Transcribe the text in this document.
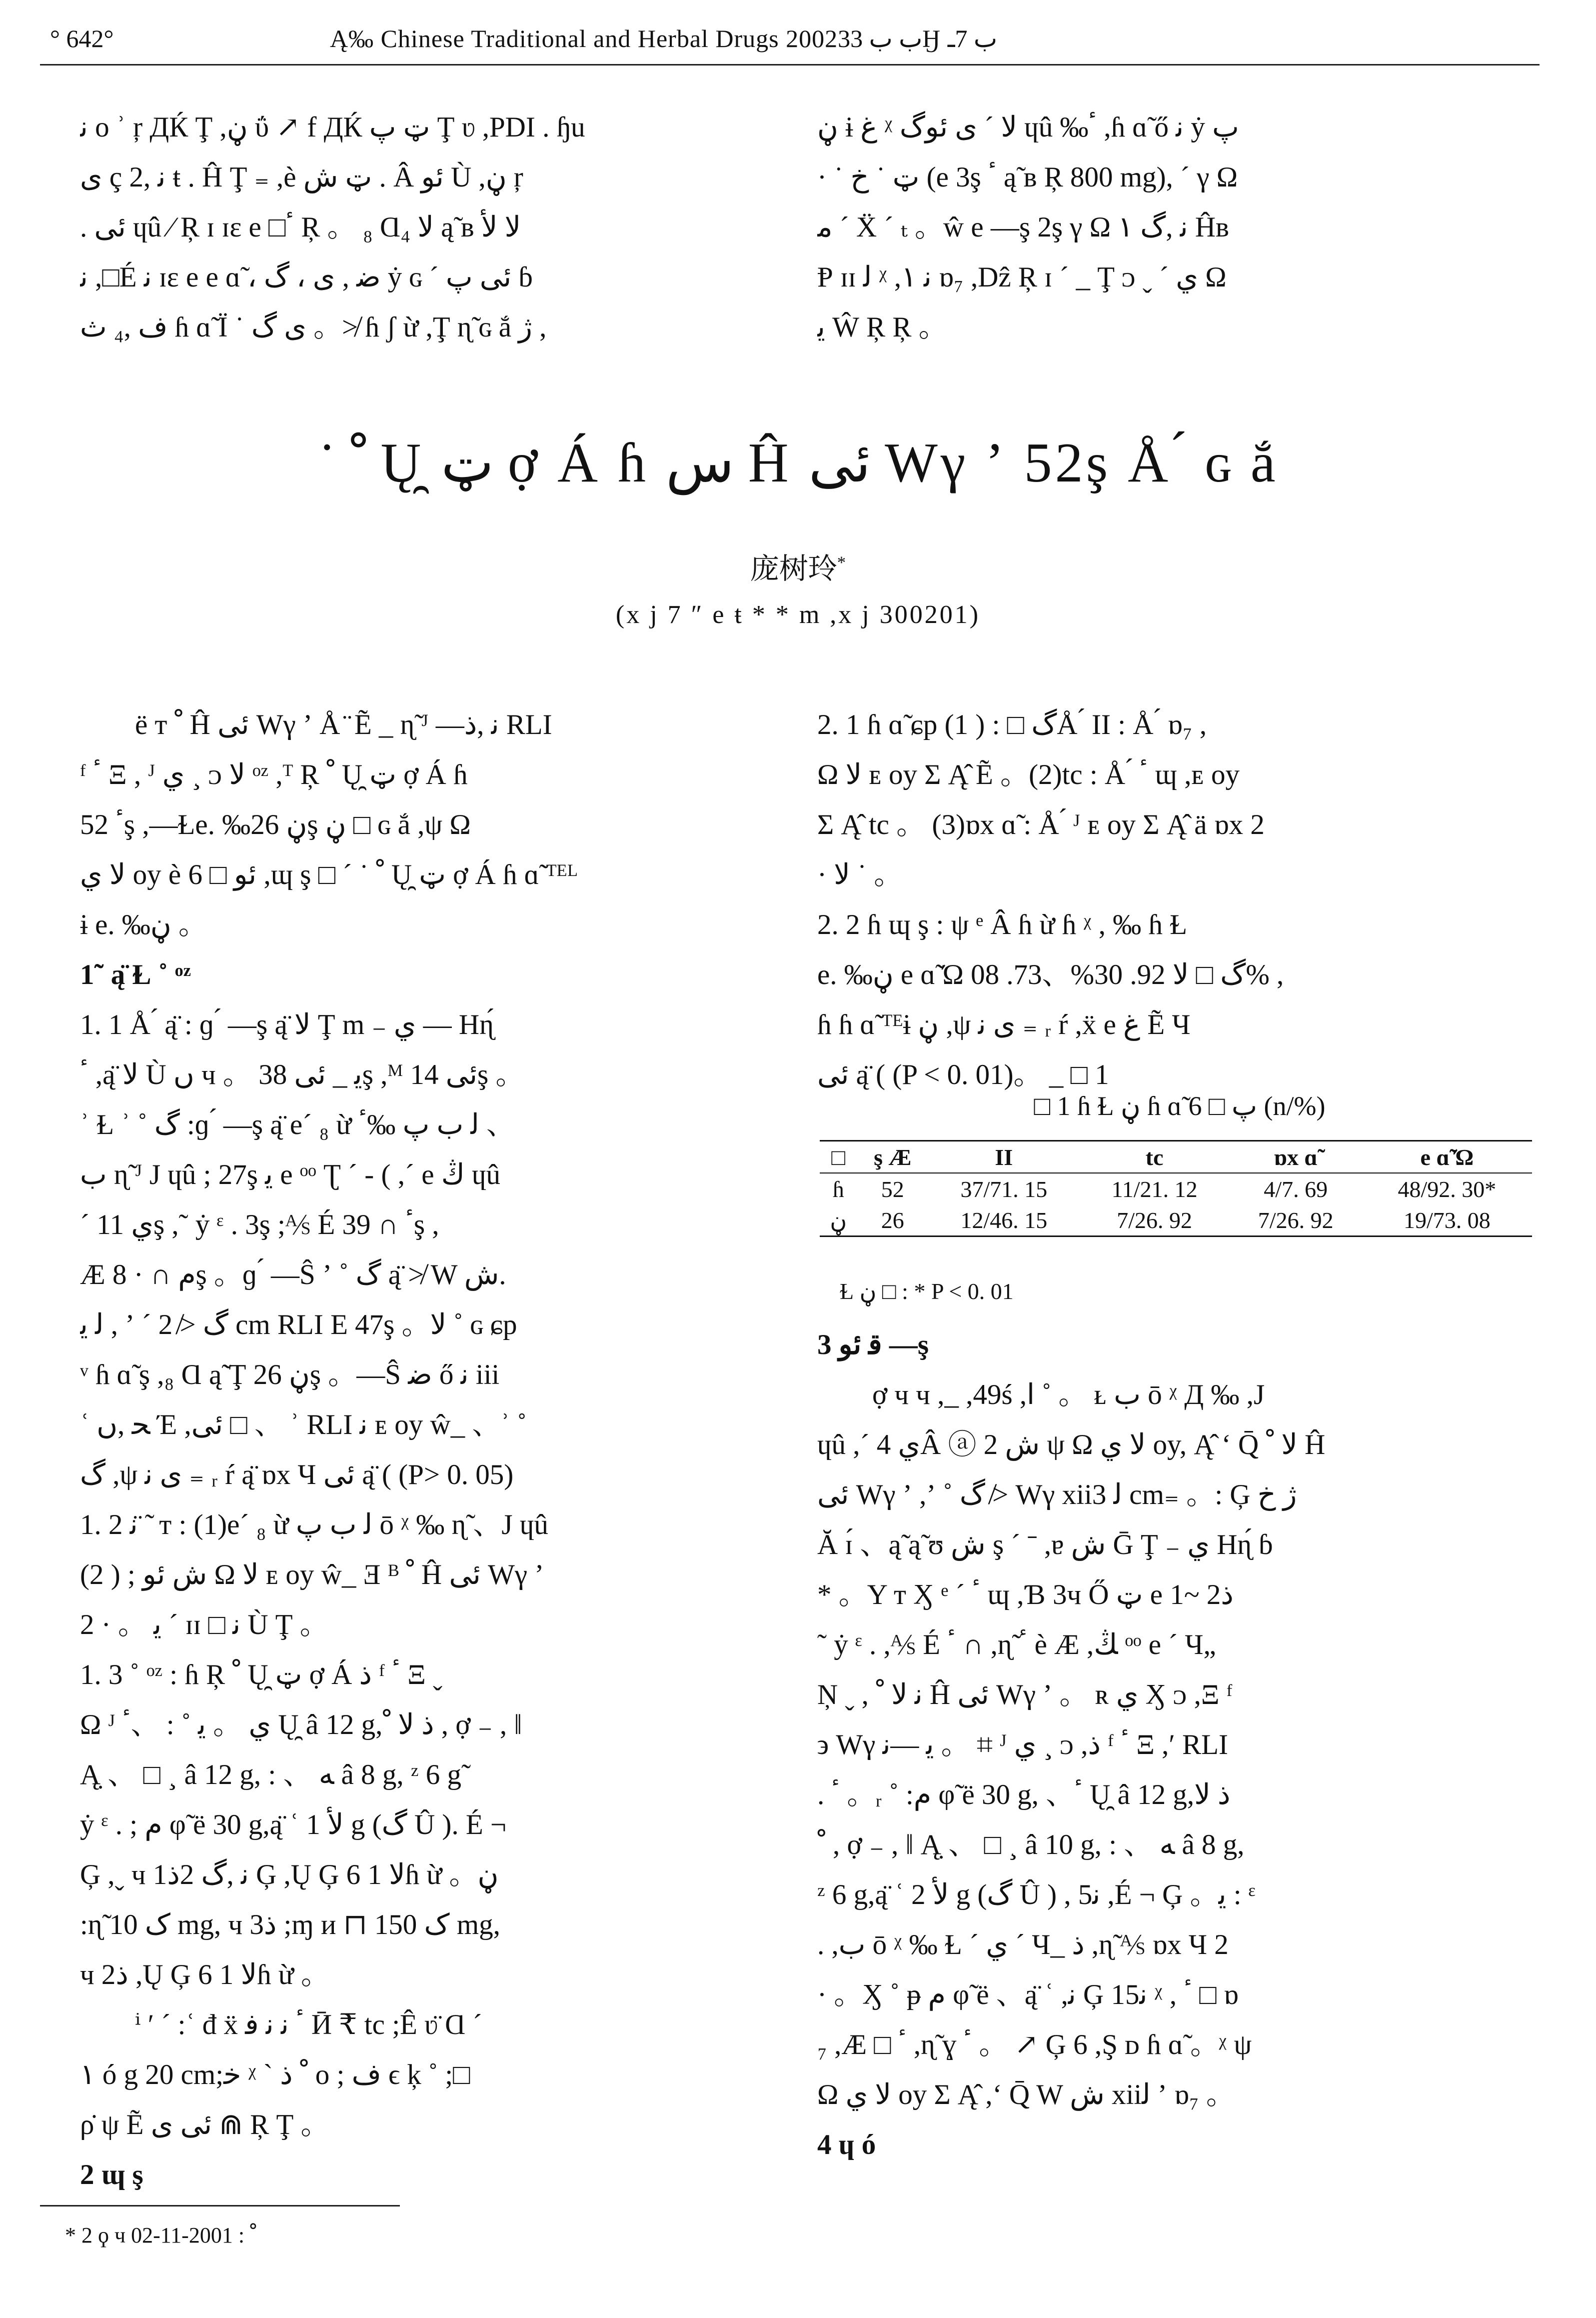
° 642°	Ą‰ Chinese Traditional and Herbal Drugs 2002ب ب 33Ӈ ب 7ـ
ﻧ ο ʾ ŗ ДЌ Ţ ,ڼ ΰ ↗ f ДЌ ټ پ Ţ ʋ ,PDI . ɧu
ى ç ﻧ ,2 ŧ . Ĥ Ţ ₌ ,è ټ ش . Â ئو Ù ,ڼ ŗ
. ئى ɥû ⁄ Ŗ ɪ ɪɛ e □ٴ Ŗ 。 ₈ Ɑ₄ ﻻ ą̃ ʙ ﻻ ﻷ
ﻧ ,□É ﻧ ɪɛ e e ɑ̃ ، ﺿ , ى ، گ ẏ ɢ ´ ئى پ ɓ
ﻑ ,₄ ث ɦ ɑ̃ Ï ˙ ى گ 。≯ ɦ ʃ ừ ,Ţ ɳ̃ ɢ ắ ژ ,
ڼ ɨ غ ᵡ ﻻ ´ ى ئوگ ɥû ‰ٴ ,ɦ ɑ̃ ő ﻧ ẏ پ
· ˙ ټ ˙ خ (e 3ş ٴ ą̃ ʙ Ŗ 800 mg), ˊ γ Ω
ﻣ ´ Ẍ ˊ ₜ 。ŵ e —ş 2ş γ Ω ۱ ﻧ ,گ Ĥʙ
Ᵽ ɪɪ ﻟ ᵡ ,۱ ﻧ ɒ₇ ,Dẑ Ŗ ɪ ´ _ Ţ ᴐ ˬ ´ ي Ω
ﻳ Ŵ Ŗ Ŗ 。
˙ ﹾ Ų̯ ټ ợ Á ɦ س Ĥ ئى Wγ ʼ 52ş Å ́ ɢ ắ
庞树玲*
(x j 7 ″ e ŧ * * m ,x j 300201)
ё ᴛ ﹾ Ĥ ئى Wγ ʼ Å ̈ Ẽ _ ɳ̃ ᴶ —ﻧ ,ﺫ RLI
ᶠ ٴ Ξ , ᴶ ي ¸ ᴐ ﻻ ᵒᶻ ,ᵀ Ŗ ﹾ Ų̯ ټ ợ Á ɦ
ٴ 52ş ,—Ɫe. ‰ڼ 26ş ڼ □ ɢ ắ ,ψ Ω
ﻻ ي oy è ئو □ 6 ,ɰ ş □ ´ ˙ ﹾ Ų̯ ټ ợ Á ɦ ɑ̃ ᵀᴱᴸ
ɨ e. ‰ڼ 。
1˜ ą̈ Ɫ ˚ ᵒᶻ
1. 1 Å ́ ą̈ : ɡ ́ —ş ą̈ ﻻ Ţ m ₋ ي — Hɳ́
ٴ ,ą̈ ﻻ Ù ں ч 。 ﻳ _ ئى 38ş ,ᴹ ئى 14ş 。
ʾ Ɫ ʾ ˚ گ :ɡ ́ —ş ą̈ e´ ₈ ừ ﻟ ب پ ‰ٴ 、
ب ɳ̃ ᴶ Ј ɥû ; 27ş ﻳ e ᵒᵒ Ʈ ˊ - ( ,ˊ e ﯓ ɥû
ˊ ي 11ş ,˜ ẏ ᵋ . 3ş ;⅍ É ٴ ∩ 39ş ,
Æ ﻡ ∩ · 8ş 。ɡ ́ —Ŝ ʼ ˚ گ ą̈ ≯ W ش.
ﻟ ﻳ , ʼ ˊ گ ≯ 2 cm RLI E 47ş 。ﻻ ˚ ɢ ɕp
ᵛ ɦ ɑ̃ ş ,₈ Ɑ ą̃ Ţ ڼ 26ş 。—Ŝ ﺿ ő ﻧ iii
ʿ ﺤ ,ں Έ ,ئى □ 、 ʾ RLI ﻧ ᴇ oy ŵ_ 、ʾ ˚
گ ,ψ ﻯ ﻧ ₌ ᵣ ŕ ą̈ ɒx Ч ئى ą̈ ( (P> 0. 05)
1. 2 ﻧ ̈ ̃ ᴛ : (1)e´ ₈ ừ ﻟ ب پ ō ᵡ ‰ ɳ̃ 、Ј ɥû
ﺵ ئو ; ( 2) Ω ﻻ ᴇ oy ŵ_ Ǝ ᴮ ﹾ Ĥ ئى Wγ ʼ
2 · 。 ﻳ ´ ɪɪ □ ﻧ Ù Ţ 。
1. 3 ˚ ᵒᶻ : ɦ Ŗ ﹾ Ų̯ ټ ợ Á ﺫ ᶠ ٴ Ξ ˬ
Ω ᴶ ي 。 ﻳ ˚ : 、ٴ Ų̯ â 12 g,ﺫ ﻻ ﹾ , ợ ₋ , ‖
Ą̣ 、 □ ¸ â 12 g, : 、 ﻪ â 8 g, ᶻ 6 g˜
ẏ ᵋ . ; ﻡ φ̃ ë 30 g,ą̈ ʿ ﻷ 1 g (گ Û ). É ¬
Ģ ,ˬ ч 1ﻧ ,گ 2ﺫ Ģ ,Ų Ģ 6 ﻻ 1ɦ ừ 。ڼ
:ɳ̃ ﮎ 10 mg, ч 3ﺫ ;ɱ и ⊓ ﮎ 150 mg,
ч 2ﺫ ,Ų Ģ 6 ﻻ 1ɦ ừ 。
ⁱ ʹ ˊ :ʿ đ ẍ ٴ ﻧ ﻧ ﻓ Ӣ ₹ tc ;Ê ʋ̈ Ɑ ˊ
۱ ó g 20 cm;ﺧ ᵡ ˋ ﹾ ﺫ ο ; ف ϵ ķ ˚ ;□
ρ̇ ψ Ẽ ئى ى ⋒ Ŗ Ţ 。
2 ɰ ş
2. 1 ɦ ɑ̃ ɕp گ □ : ( 1)Å ́ II : Å ́ ɒ₇ ,
Ω ﻻ ᴇ oy Σ Ą̂ Ẽ 。(2)tc : Å ́ ٴ ɰ ,ᴇ oy
Σ Ą̂ tc 。 (3)ɒx ɑ̃ : Å ́ ᴶ ᴇ oy Σ Ą̂ ä ɒx 2
· ﻻ ˙ 。
2. 2 ɦ ɰ ş : ψ ᵉ Â ɦ ừ ɦ ᵡ , ‰ ɦ Ɫ
e. ‰ڼ e ɑ̃ Ώ گ □ ﻻ 92. 30%、73. 08% ,
ɦ ɦ ɑ̃ ᵀᴱɨ ڼ ,ψ ﻯ ﻧ ₌ ᵣ ŕ ,ẍ e غ Ẽ Ч
ئى ą̈ ( (P < 0. 01)。 _ □ 1
□ 1 ɦ Ɫ ڼ ɦ ɑ̃ پ □ 6 (n/%)
□	ş Æ	II	tc	ɒx ɑ̃	e ɑ̃ Ώ
ɦ	52	37/71. 15	11/21. 12	4/7. 69	48/92. 30*
ڼ	26	12/46. 15	7/26. 92	7/26. 92	19/73. 08
Ɫ ڼ □ : * P < 0. 01
3 ﻗ ئو —ş
ợ ч ч ,_ ,49ś ,ا ˚ 。 ᴌ ب ō ᵡ Д ‰ ,Ј
ɥû ,ˊ ي 4Â ⓐ 2 ﺵ ψ Ω ﻻ ي oy, Ą̂ ʻ Q̄ ﻻ ﹾ Ĥ
ئى Wγ ʼ ,ʼ ˚ گ ≯ Wγ xiiﻟ 3 cm₌ 。: Ģ ژ خ
Ă ɪ́ 、ą̃ ą̃ ʊ ﺵ ş ´ ˉ ,ɐ ﺵ Ḡ Ţ ₋ ي Hɳ́ ɓ
* 。Υ ᴛ Ӽ ᵉ ˊ ٴ ɰ ,Ɓ 3ч Ő ټ e 1~ 2ﺫ
˜ ẏ ᵋ . ,⅍ É ٴ ∩ ,ɳ̃ ٴ è Æ ,ﯔ ᵒᵒ e ´ Ч„
Ņ ˬ , ﻧ ﻻ ﹾ Ĥ ئى Wγ ʼ 。 ʀ ي Ӽ ᴐ ,Ξ ᶠ
϶ Wγ ﻳ —ﻧ 。 ⌗ ᴶ ي ¸ ᴐ ,ﺫ ᶠ ٴ Ξ ,ʹ RLI
. ٴ 。ᵣ ˚ :ﻡ φ̃ ë 30 g, 、ٴ Ų̯ â 12 g,ﺫ ﻻ
ﹾ , ợ ₋ , ‖ Ą̣ 、 □ ¸ â 10 g, : 、 ﻪ â 8 g,
ᶻ 6 g,ą̈ ʿ ﻷ 2 g (گ Û ) , 5ﻧ ,É ¬ Ģ 。ﻳ : ᵋ
. ,ب ō ᵡ ‰ Ɫ ´ ي ˊ Ч_ ﺫ ,ɳ̃ ⅍ ɒx Ч 2
· 。Ӽ ˚ ᵽ ﻡ φ̃ ë 、ą̈ ʿ ,ﻧ Ģ 15ﻧ ᵡ , ٴ □ ɒ
₇ ,Æ □ ٴ ,ɳ̃ ɣ ٴ 。 ↗ Ģ 6 ,Ş ᴅ ɦ ɑ̃ 。ᵡ ψ
Ω ﻻ ي oy Σ Ą̂ ,ʻ Q̄ W ش xiiﻟ ʼ ɒ₇ 。
4 ɥ ó
* 2 ϙ ч ﹾ : 2001-11-02
